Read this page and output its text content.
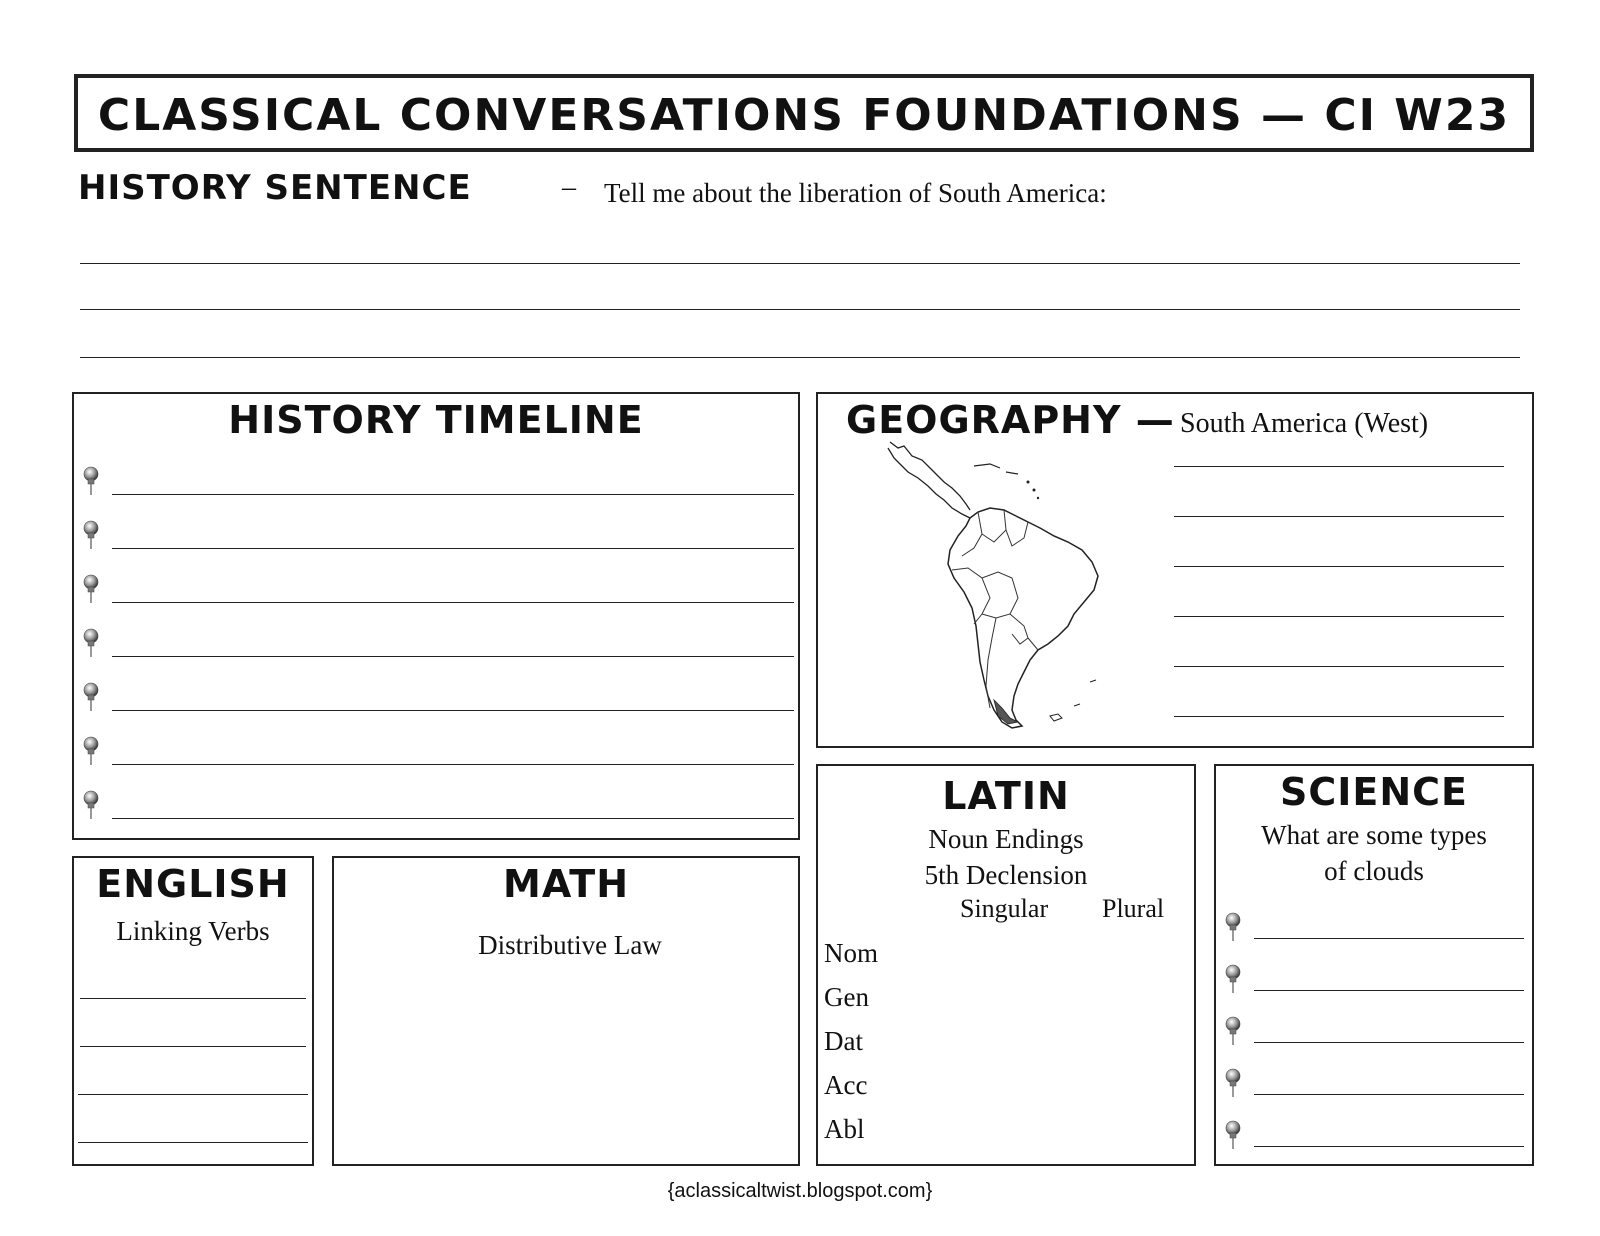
CLASSICAL CONVERSATIONS FOUNDATIONS — CI W23
HISTORY SENTENCE	– Tell me about the liberation of South America:
HISTORY TIMELINE	GEOGRAPHY — South America (West)
ENGLISH
Linking Verbs
MATH
Distributive Law
LATIN
Noun Endings
5th Declension
Singular Plural
Nom
Gen
Dat
Acc
Abl
SCIENCE
What are some types
of clouds
{aclassicaltwist.blogspot.com}
